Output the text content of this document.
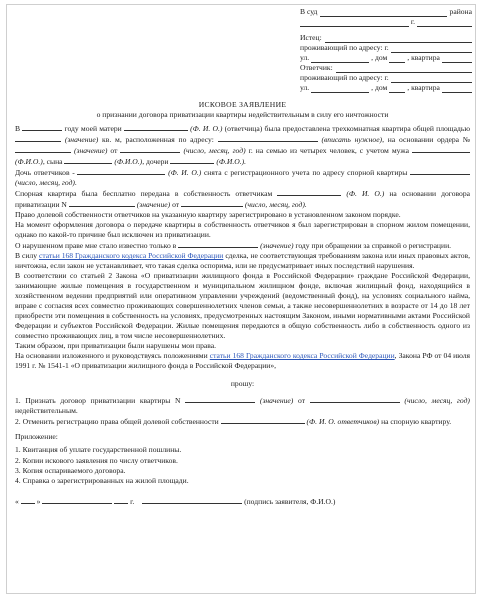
В суд	района
г.
Истец:
проживающий по адресу: г.
ул.	, дом	, квартира
Ответчик:
проживающий по адресу: г.
ул.	, дом	, квартира
ИСКОВОЕ ЗАЯВЛЕНИЕ
о признании договора приватизации квартиры недействительным в силу его ничтожности

В	году моей матери	(Ф. И. О.) (ответчица) была предоставлена трехкомнатная квартира общей площадью  (значение) кв. м, расположенная по адресу:	(вписать нужное), на основании ордера №  (значение) от	(число, месяц, год) г. на семью из четырех человек, с учетом мужа  (Ф.И.О.), сына	(Ф.И.О.), дочери	(Ф.И.О.).

Дочь ответчиков -	(Ф. И. О.) снята с регистрационного учета по адресу спорной квартиры  (число, месяц, год).

Спорная квартира была бесплатно передана в собственность ответчикам	(Ф. И. О.) на основании договора приватизации N	(значение) от	(число, месяц, год).

Право долевой собственности ответчиков на указанную квартиру зарегистрировано в установленном законом порядке.

На момент оформления договора о передаче квартиры в собственность ответчиков я был зарегистрирован в спорном жилом помещении, однако по какой-то причине был исключен из приватизации.

О нарушенном праве мне стало известно только в	(значение) году при обращении за справкой о регистрации.

В силу статьи 168 Гражданского кодекса Российской Федерации сделка, не соответствующая требованиям закона или иных правовых актов, ничтожна, если закон не устанавливает, что такая сделка оспорима, или не предусматривает иных последствий нарушения.

В соответствии со статьей 2 Закона «О приватизации жилищного фонда в Российской Федерации» граждане Российской Федерации, занимающие жилые помещения в государственном и муниципальном жилищном фонде, включая жилищный фонд, находящийся в хозяйственном ведении предприятий или оперативном управлении учреждений (ведомственный фонд), на условиях социального найма, вправе с согласия всех совместно проживающих совершеннолетних членов семьи, а также несовершеннолетних в возрасте от 14 до 18 лет приобрести эти помещения в собственность на условиях, предусмотренных настоящим Законом, иными нормативными актами Российской Федерации и субъектов Российской Федерации. Жилые помещения передаются в общую собственность либо в собственность одного из совместно проживающих лиц, в том числе несовершеннолетних.

Таким образом, при приватизации были нарушены мои права.

На основании изложенного и руководствуясь положениями статьи 168 Гражданского кодекса Российской Федерации, Закона РФ от 04 июля 1991 г. № 1541-1 «О приватизации жилищного фонда в Российской Федерации»,

прошу:

1. Признать договор приватизации квартиры N	(значение) от	(число, месяц, год) недействительным.

2. Отменить регистрацию права общей долевой собственности	(Ф. И. О. ответчиков) на спорную квартиру.

Приложение:

1. Квитанция об уплате государственной пошлины.

2. Копии искового заявления по числу ответчиков.

3. Копия оспариваемого договора.

4. Справка о зарегистрированных на жилой площади.

« »	г.	(подпись заявителя, Ф.И.О.)
